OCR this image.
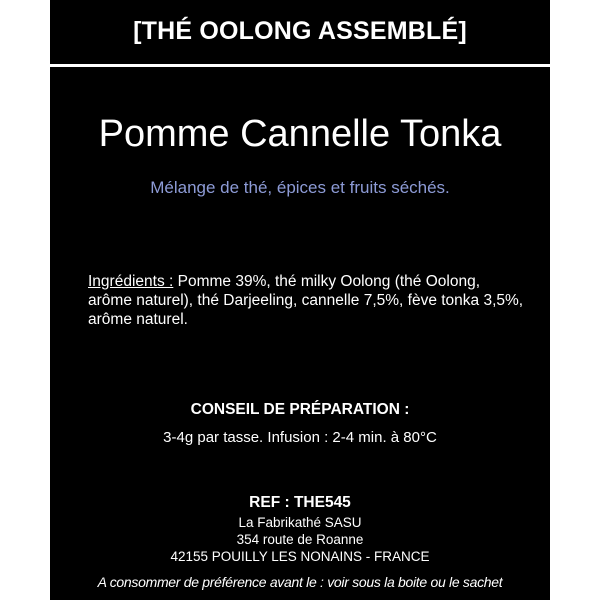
[THÉ OOLONG ASSEMBLÉ]
Pomme Cannelle Tonka
Mélange de thé, épices et fruits séchés.
Ingrédients : Pomme 39%, thé milky Oolong (thé Oolong, arôme naturel), thé Darjeeling, cannelle 7,5%, fève tonka 3,5%, arôme naturel.
CONSEIL DE PRÉPARATION :
3-4g par tasse. Infusion : 2-4 min. à 80°C
REF : THE545
La Fabrikathé SASU
354 route de Roanne
42155 POUILLY LES NONAINS - FRANCE
A consommer de préférence avant le : voir sous la boite ou le sachet
